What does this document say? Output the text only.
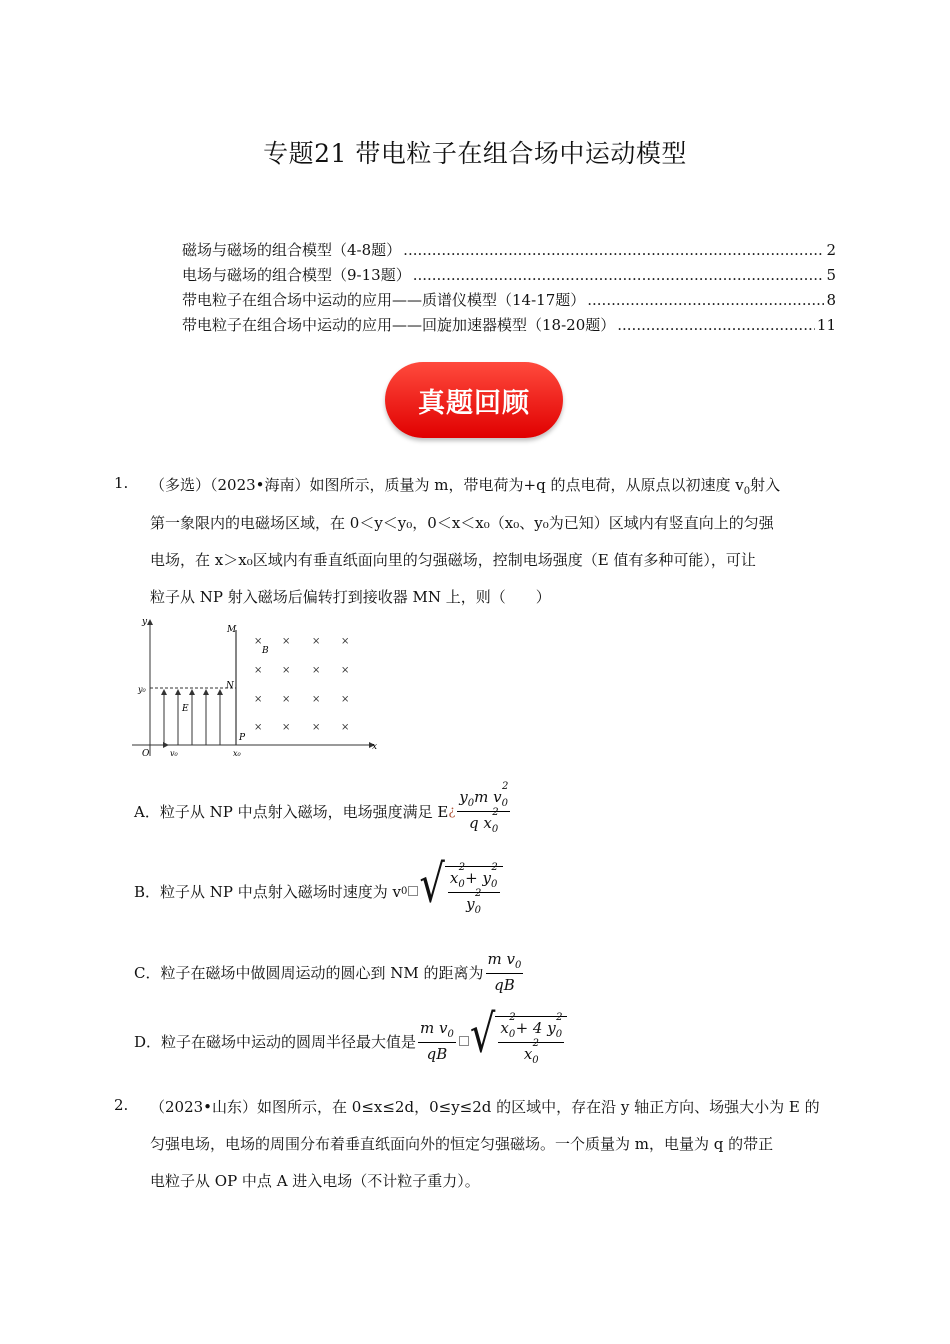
专题21 带电粒子在组合场中运动模型
磁场与磁场的组合模型（4-8题） .....	2
电场与磁场的组合模型（9-13题） .....	5
带电粒子在组合场中运动的应用——质谱仪模型（14-17题） .....	8
带电粒子在组合场中运动的应用——回旋加速器模型（18-20题） .....	11
真题回顾
1. （多选）（2023•海南）如图所示，质量为 m，带电荷为+q 的点电荷，从原点以初速度 $v_0$射入
第一象限内的电磁场区域，在 0＜y＜y₀，0＜x＜x₀（x₀、y₀为已知）区域内有竖直向上的匀强
电场，在 x＞x₀区域内有垂直纸面向里的匀强磁场，控制电场强度（E 值有多种可能），可让
粒子从 NP 射入磁场后偏转打到接收器 MN 上，则（　　）
× × × ×
× × × ×
× × × ×
× × × ×
y
x
M
N
P
O
E
B
y₀
x₀
v₀
A．粒子从 NP 中点射入磁场，电场强度满足 E ¿ $\frac{y_0m v_0^2}{q x_0^2}$
B．粒子从 NP 中点射入磁场时速度为 v 0 √ $\frac{x_0^2+ y_0^2}{y_0^2}$
C．粒子在磁场中做圆周运动的圆心到 NM 的距离为 $\frac{m v_0}{qB}$
D．粒子在磁场中运动的圆周半径最大值是 $\frac{m v_0}{qB}$ √ $\frac{x_0^2+ 4 y_0^2}{x_0^2}$
2. （2023•山东）如图所示，在 0≤x≤2d，0≤y≤2d 的区域中，存在沿 y 轴正方向、场强大小为 E 的
匀强电场，电场的周围分布着垂直纸面向外的恒定匀强磁场。一个质量为 m，电量为 q 的带正
电粒子从 OP 中点 A 进入电场（不计粒子重力）。
